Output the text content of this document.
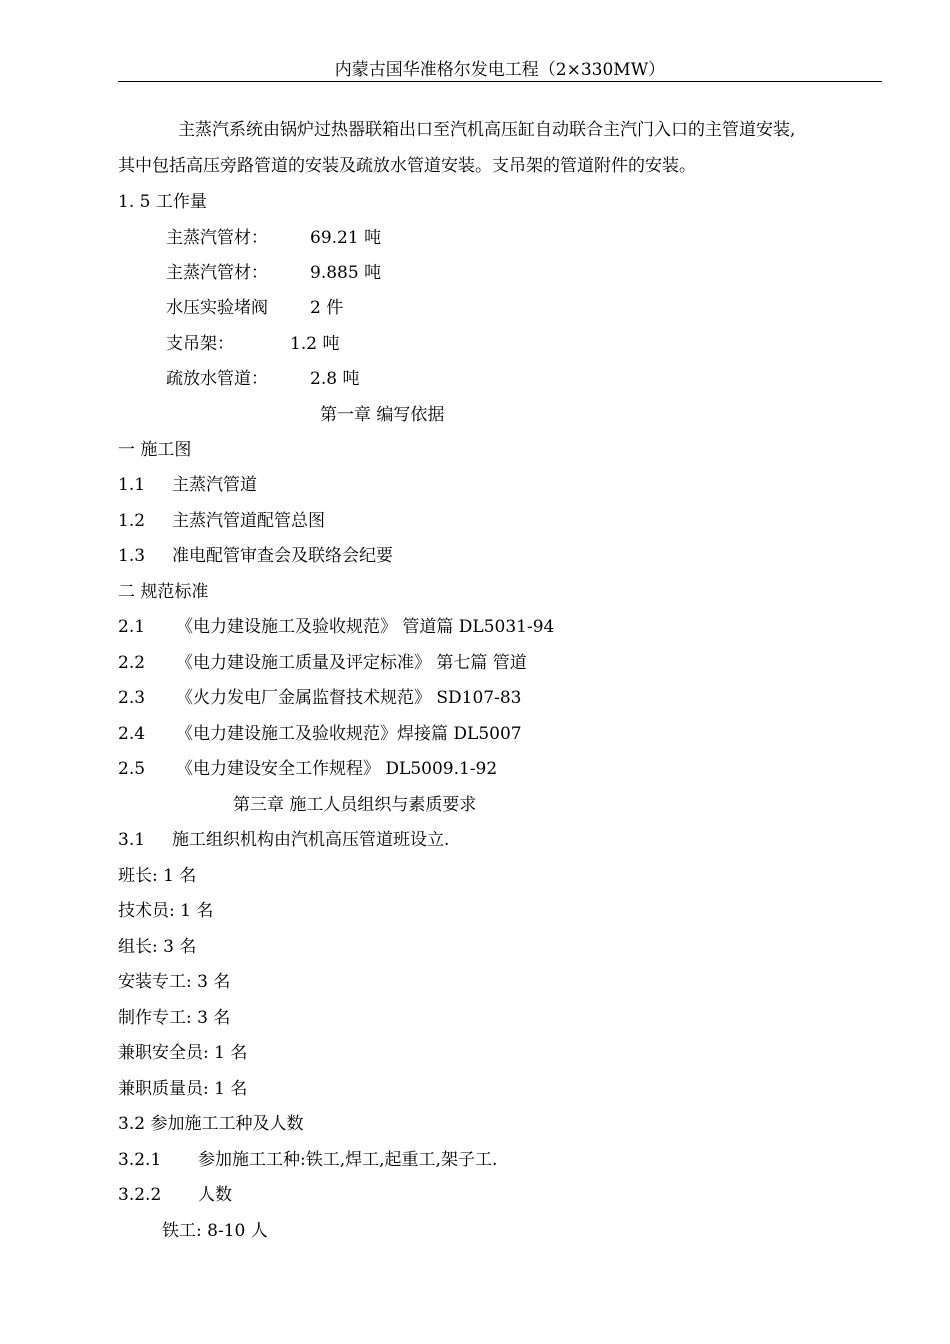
内蒙古国华准格尔发电工程（2×330MW）
主蒸汽系统由锅炉过热器联箱出口至汽机高压缸自动联合主汽门入口的主管道安装,
其中包括高压旁路管道的安装及疏放水管道安装。支吊架的管道附件的安装。
1. 5 工作量
主蒸汽管材： 69.21 吨
主蒸汽管材： 9.885 吨
水压实验堵阀 2 件
支吊架：	1.2 吨
疏放水管道： 2.8 吨
第一章 编写依据
一 施工图
1.1 主蒸汽管道
1.2 主蒸汽管道配管总图
1.3 准电配管审查会及联络会纪要
二 规范标准
2.1 《电力建设施工及验收规范》 管道篇 DL5031-94
2.2 《电力建设施工质量及评定标准》 第七篇 管道
2.3 《火力发电厂金属监督技术规范》 SD107-83
2.4 《电力建设施工及验收规范》焊接篇 DL5007
2.5 《电力建设安全工作规程》 DL5009.1-92
第三章 施工人员组织与素质要求
3.1 施工组织机构由汽机高压管道班设立.
班长: 1 名
技术员: 1 名
组长: 3 名
安装专工: 3 名
制作专工: 3 名
兼职安全员: 1 名
兼职质量员: 1 名
3.2 参加施工工种及人数
3.2.1 参加施工工种:铁工,焊工,起重工,架子工.
3.2.2 人数
铁工: 8-10 人
